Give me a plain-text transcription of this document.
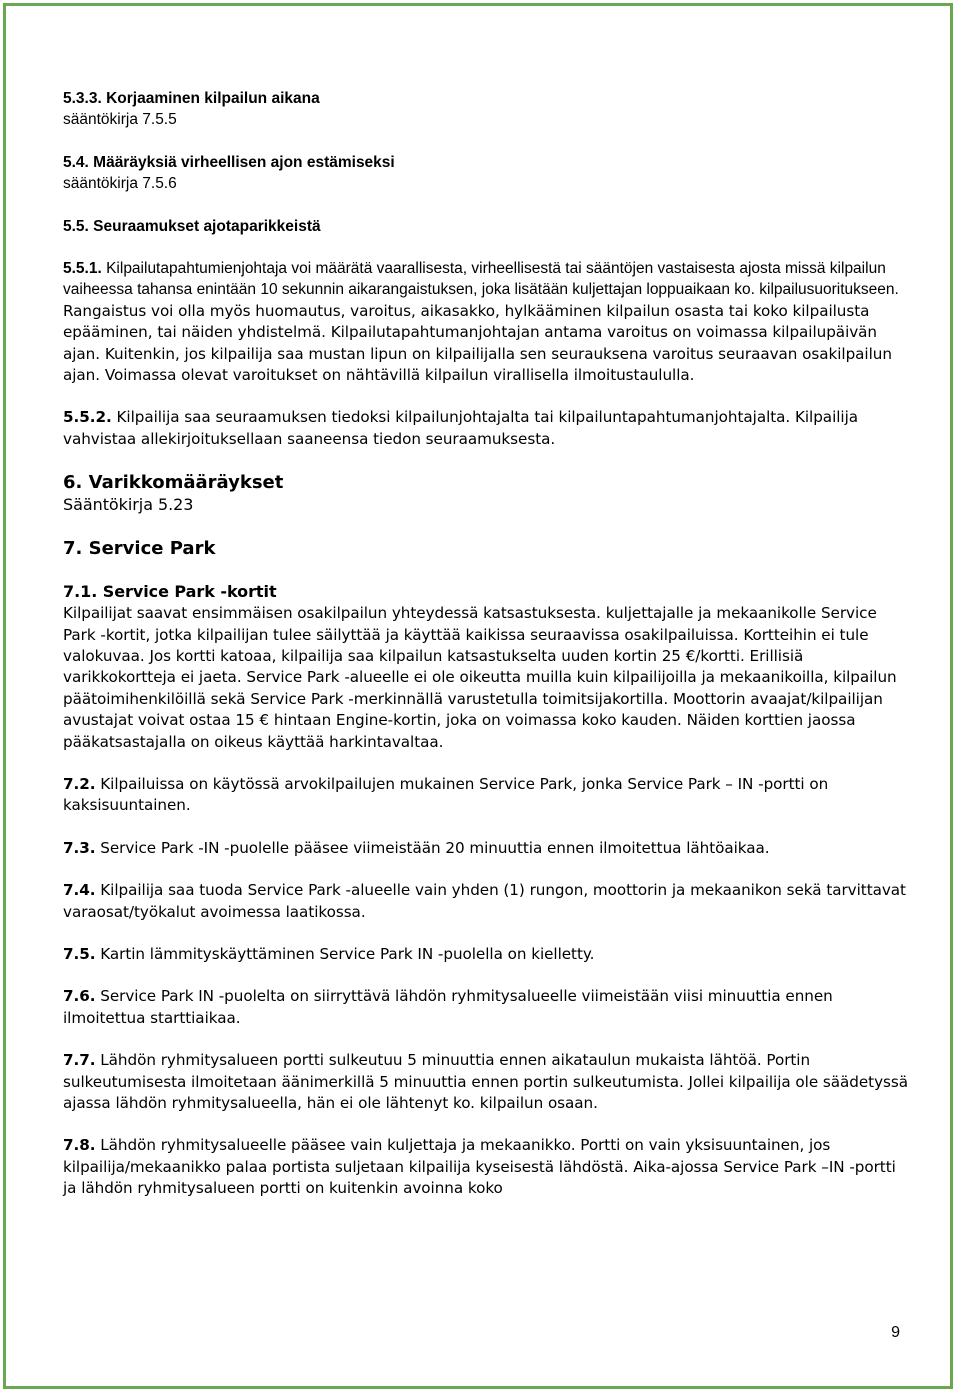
5.3.3. Korjaaminen kilpailun aikana

sääntökirja 7.5.5

5.4. Määräyksiä virheellisen ajon estämiseksi

sääntökirja 7.5.6

5.5. Seuraamukset ajotaparikkeistä

5.5.1. Kilpailutapahtumienjohtaja voi määrätä vaarallisesta, virheellisestä tai sääntöjen vastaisesta ajosta missä kilpailun vaiheessa tahansa enintään 10 sekunnin aikarangaistuksen, joka lisätään kuljettajan loppuaikaan ko. kilpailusuoritukseen. Rangaistus voi olla myös huomautus, varoitus, aikasakko, hylkääminen kilpailun osasta tai koko kilpailusta epääminen, tai näiden yhdistelmä. Kilpailutapahtumanjohtajan antama varoitus on voimassa kilpailupäivän ajan. Kuitenkin, jos kilpailija saa mustan lipun on kilpailijalla sen seurauksena varoitus seuraavan osakilpailun ajan. Voimassa olevat varoitukset on nähtävillä kilpailun virallisella ilmoitustaululla.

5.5.2. Kilpailija saa seuraamuksen tiedoksi kilpailunjohtajalta tai kilpailuntapahtumanjohtajalta. Kilpailija vahvistaa allekirjoituksellaan saaneensa tiedon seuraamuksesta.

6. Varikkomääräykset

Sääntökirja 5.23

7. Service Park

7.1. Service Park -kortit

Kilpailijat saavat ensimmäisen osakilpailun yhteydessä katsastuksesta. kuljettajalle ja mekaanikolle Service Park -kortit, jotka kilpailijan tulee säilyttää ja käyttää kaikissa seuraavissa osakilpailuissa. Kortteihin ei tule valokuvaa. Jos kortti katoaa, kilpailija saa kilpailun katsastukselta uuden kortin 25 €/kortti. Erillisiä varikkokortteja ei jaeta. Service Park -alueelle ei ole oikeutta muilla kuin kilpailijoilla ja mekaanikoilla, kilpailun päätoimihenkilöillä sekä Service Park -merkinnällä varustetulla toimitsijakortilla. Moottorin avaajat/kilpailijan avustajat voivat ostaa 15 € hintaan Engine-kortin, joka on voimassa koko kauden. Näiden korttien jaossa pääkatsastajalla on oikeus käyttää harkintavaltaa.

7.2. Kilpailuissa on käytössä arvokilpailujen mukainen Service Park, jonka Service Park – IN -portti on kaksisuuntainen.

7.3. Service Park -IN -puolelle pääsee viimeistään 20 minuuttia ennen ilmoitettua lähtöaikaa.

7.4. Kilpailija saa tuoda Service Park -alueelle vain yhden (1) rungon, moottorin ja mekaanikon sekä tarvittavat varaosat/työkalut avoimessa laatikossa.

7.5. Kartin lämmityskäyttäminen Service Park IN -puolella on kielletty.

7.6. Service Park IN -puolelta on siirryttävä lähdön ryhmitysalueelle viimeistään viisi minuuttia ennen ilmoitettua starttiaikaa.

7.7. Lähdön ryhmitysalueen portti sulkeutuu 5 minuuttia ennen aikataulun mukaista lähtöä. Portin sulkeutumisesta ilmoitetaan äänimerkillä 5 minuuttia ennen portin sulkeutumista. Jollei kilpailija ole säädetyssä ajassa lähdön ryhmitysalueella, hän ei ole lähtenyt ko. kilpailun osaan.

7.8. Lähdön ryhmitysalueelle pääsee vain kuljettaja ja mekaanikko. Portti on vain yksisuuntainen, jos kilpailija/mekaanikko palaa portista suljetaan kilpailija kyseisestä lähdöstä. Aika-ajossa Service Park –IN -portti ja lähdön ryhmitysalueen portti on kuitenkin avoinna koko

9
